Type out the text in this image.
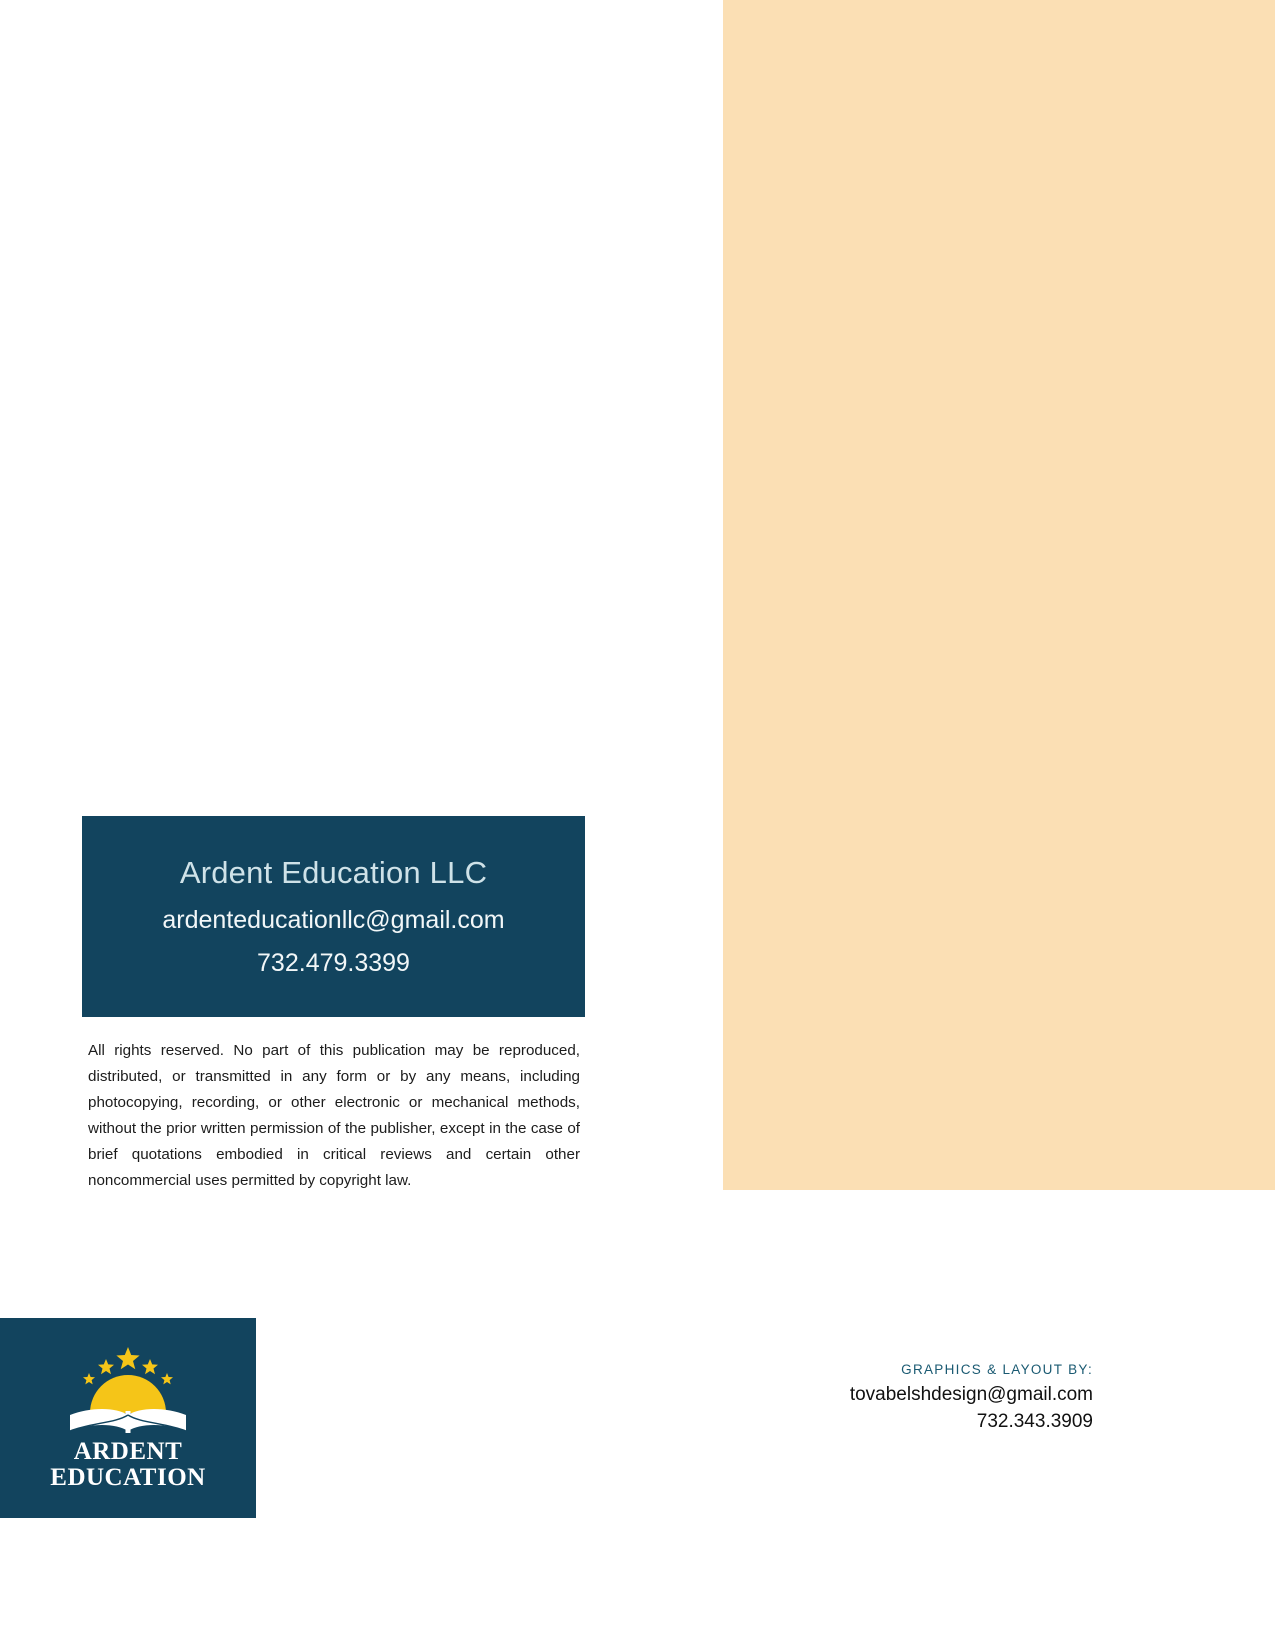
Ardent Education LLC
ardenteducationllc@gmail.com
732.479.3399
All rights reserved. No part of this publication may be reproduced, distributed, or transmitted in any form or by any means, including photocopying, recording, or other electronic or mechanical methods, without the prior written permission of the publisher, except in the case of brief quotations embodied in critical reviews and certain other noncommercial uses permitted by copyright law.
ARDENT
EDUCATION
GRAPHICS & LAYOUT BY:
tovabelshdesign@gmail.com
732.343.3909
